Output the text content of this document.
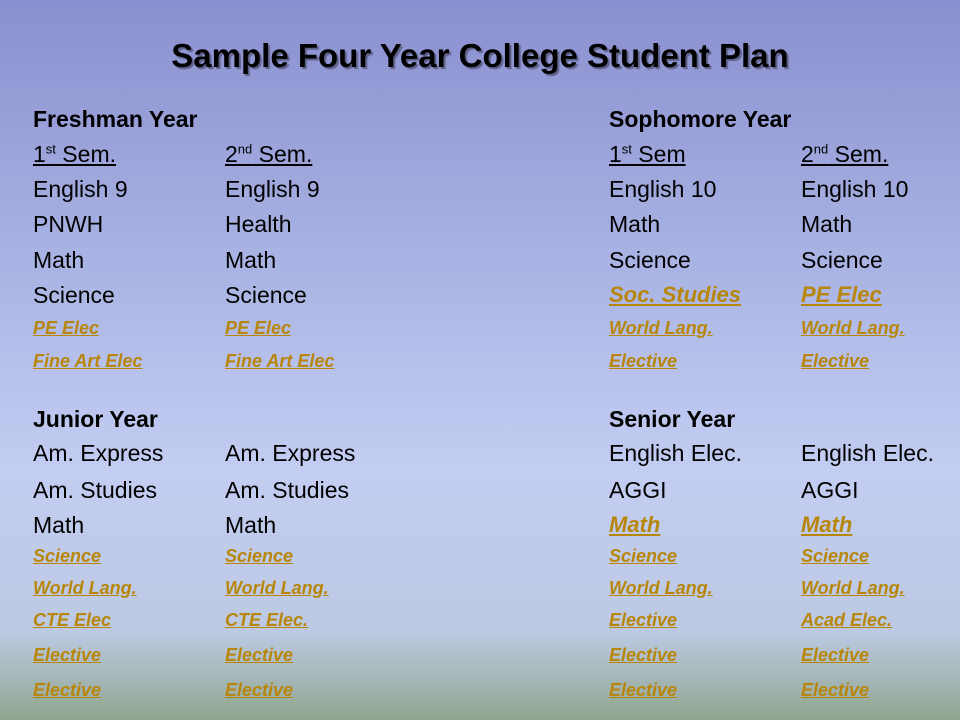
Sample Four Year College Student Plan
Freshman Year
1st Sem.	2nd Sem.
English 9
PNWH
Math
Science
PE Elec
Fine Art Elec
English 9
Health
Math
Science
PE Elec
Fine Art Elec
Sophomore Year
1st Sem	2nd Sem.
English 10
Math
Science
Soc. Studies
World Lang.
Elective
English 10
Math
Science
PE Elec
World Lang.
Elective
Junior Year
Am. Express
Am. Studies
Math
Science
World Lang.
CTE Elec
Elective
Elective
Am. Express
Am. Studies
Math
Science
World Lang.
CTE Elec.
Elective
Elective
Senior Year
English Elec.
AGGI
Math
Science
World Lang.
Elective
Elective
Elective
English Elec.
AGGI
Math
Science
World Lang.
Acad Elec.
Elective
Elective
